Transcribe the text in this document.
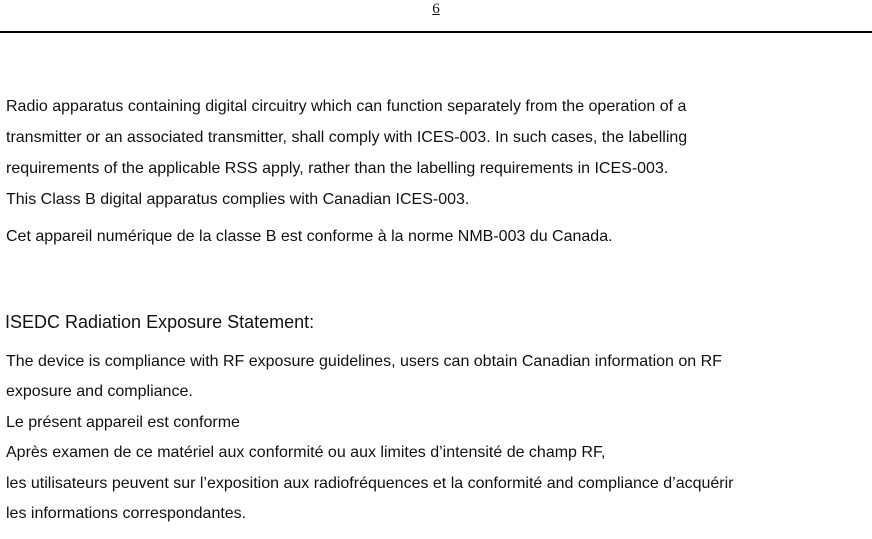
6

Radio apparatus containing digital circuitry which can function separately from the operation of a
transmitter or an associated transmitter, shall comply with ICES-003. In such cases, the labelling
requirements of the applicable RSS apply, rather than the labelling requirements in ICES-003.
This Class B digital apparatus complies with Canadian ICES-003.

Cet appareil numérique de la classe B est conforme à la norme NMB-003 du Canada.

ISEDC Radiation Exposure Statement:

The device is compliance with RF exposure guidelines, users can obtain Canadian information on RF
exposure and compliance.
Le présent appareil est conforme
Après examen de ce matériel aux conformité ou aux limites d’intensité de champ RF,
les utilisateurs peuvent sur l’exposition aux radiofréquences et la conformité and compliance d’acquérir
les informations correspondantes.
